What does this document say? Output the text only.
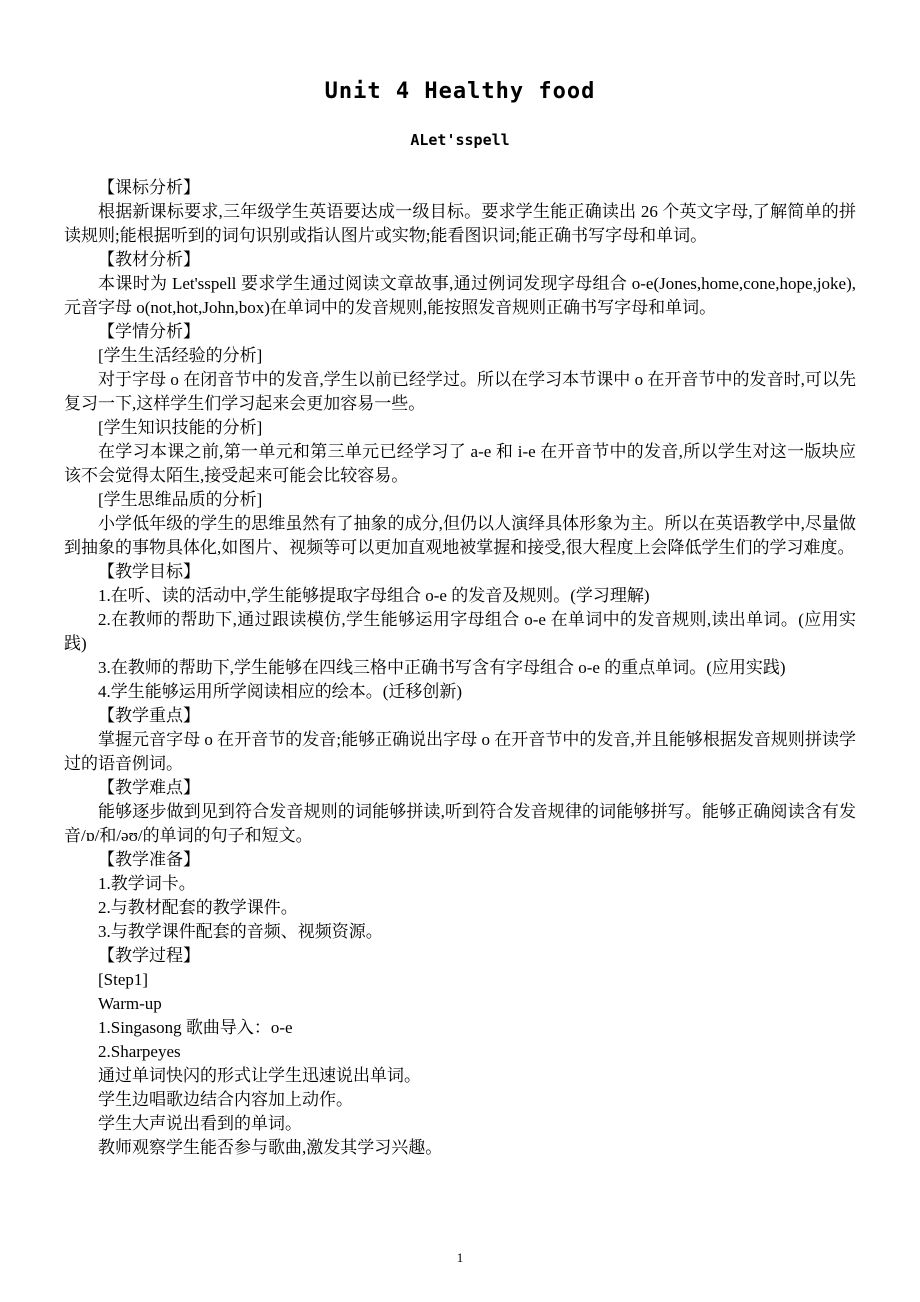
Unit 4 Healthy food
ALet'sspell

【课标分析】

根据新课标要求,三年级学生英语要达成一级目标。要求学生能正确读出 26 个英文字母,了解简单的拼读规则;能根据听到的词句识别或指认图片或实物;能看图识词;能正确书写字母和单词。

【教材分析】

本课时为 Let'sspell 要求学生通过阅读文章故事,通过例词发现字母组合 o-e(Jones,home,cone,hope,joke),元音字母 o(not,hot,John,box)在单词中的发音规则,能按照发音规则正确书写字母和单词。

【学情分析】

[学生生活经验的分析]

对于字母 o 在闭音节中的发音,学生以前已经学过。所以在学习本节课中 o 在开音节中的发音时,可以先复习一下,这样学生们学习起来会更加容易一些。

[学生知识技能的分析]

在学习本课之前,第一单元和第三单元已经学习了 a-e 和 i-e 在开音节中的发音,所以学生对这一版块应该不会觉得太陌生,接受起来可能会比较容易。

[学生思维品质的分析]

小学低年级的学生的思维虽然有了抽象的成分,但仍以人演绎具体形象为主。所以在英语教学中,尽量做到抽象的事物具体化,如图片、视频等可以更加直观地被掌握和接受,很大程度上会降低学生们的学习难度。

【教学目标】

1.在听、读的活动中,学生能够提取字母组合 o-e 的发音及规则。(学习理解)

2.在教师的帮助下,通过跟读模仿,学生能够运用字母组合 o-e 在单词中的发音规则,读出单词。(应用实践)

3.在教师的帮助下,学生能够在四线三格中正确书写含有字母组合 o-e 的重点单词。(应用实践)

4.学生能够运用所学阅读相应的绘本。(迁移创新)

【教学重点】

掌握元音字母 o 在开音节的发音;能够正确说出字母 o 在开音节中的发音,并且能够根据发音规则拼读学过的语音例词。

【教学难点】

能够逐步做到见到符合发音规则的词能够拼读,听到符合发音规律的词能够拼写。能够正确阅读含有发音/ɒ/和/əʊ/的单词的句子和短文。

【教学准备】

1.教学词卡。

2.与教材配套的教学课件。

3.与教学课件配套的音频、视频资源。

【教学过程】

[Step1]

Warm-up

1.Singasong 歌曲导入：o-e

2.Sharpeyes

通过单词快闪的形式让学生迅速说出单词。

学生边唱歌边结合内容加上动作。

学生大声说出看到的单词。

教师观察学生能否参与歌曲,激发其学习兴趣。

1
